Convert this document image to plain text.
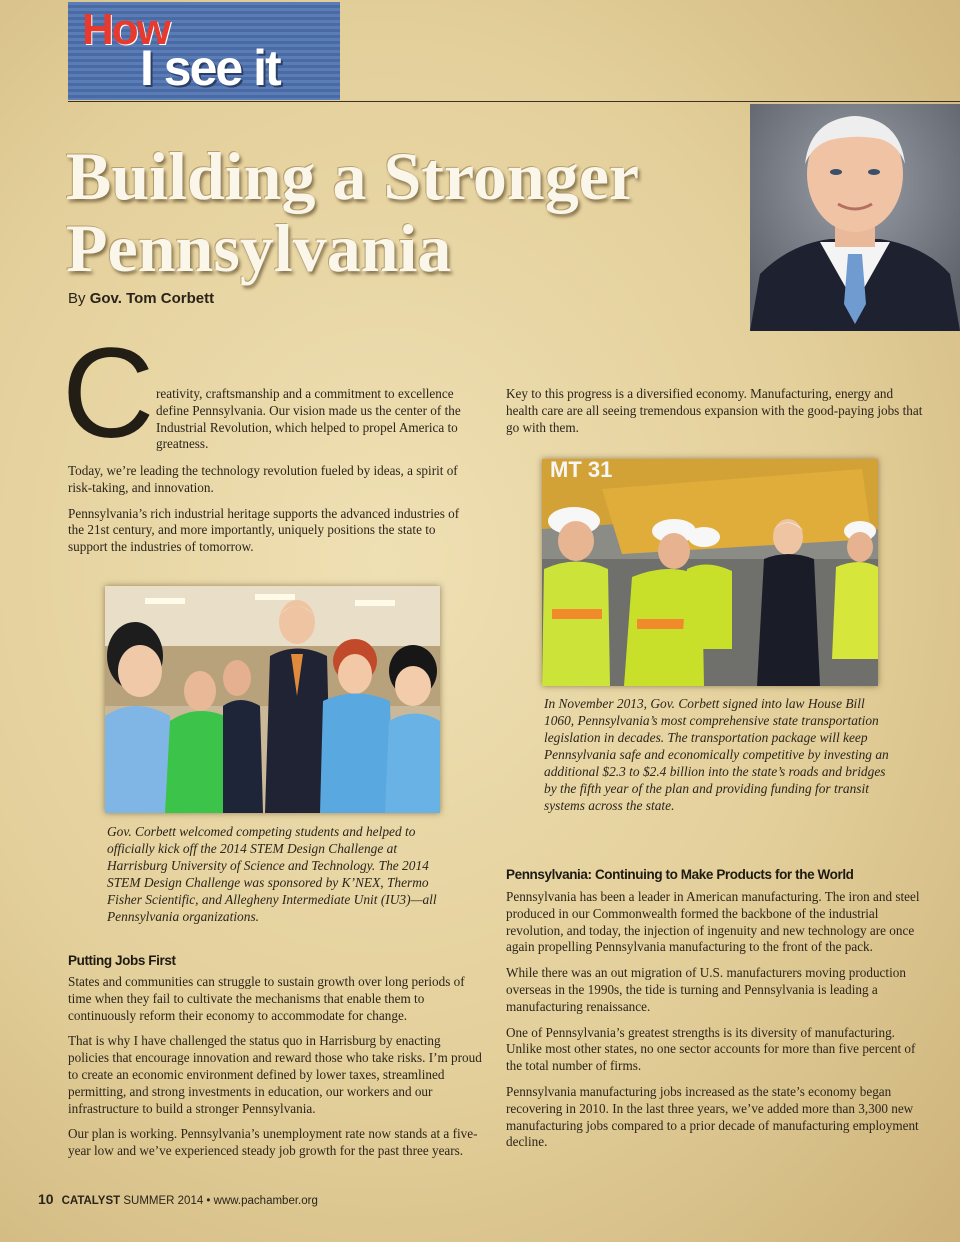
How
I see it
Building a Stronger Pennsylvania
By Gov. Tom Corbett
C reativity, craftsmanship and a commitment to excellence define Pennsylvania. Our vision made us the center of the Industrial Revolution, which helped to propel America to greatness.

Today, we’re leading the technology revolution fueled by ideas, a spirit of risk-taking, and innovation.

Pennsylvania’s rich industrial heritage supports the advanced industries of the 21st century, and more importantly, uniquely positions the state to support the industries of tomorrow.

Key to this progress is a diversified economy. Manufacturing, energy and health care are all seeing tremendous expansion with the good-paying jobs that go with them.
Gov. Corbett welcomed competing students and helped to officially kick off the 2014 STEM Design Challenge at Harrisburg University of Science and Technology. The 2014 STEM Design Challenge was sponsored by K’NEX, Thermo Fisher Scientific, and Allegheny Intermediate Unit (IU3)—all Pennsylvania organizations.
MT 31
In November 2013, Gov. Corbett signed into law House Bill 1060, Pennsylvania’s most comprehensive state transportation legislation in decades. The transportation package will keep Pennsylvania safe and economically competitive by investing an additional $2.3 to $2.4 billion into the state’s roads and bridges by the fifth year of the plan and providing funding for transit systems across the state.
Putting Jobs First

States and communities can struggle to sustain growth over long periods of time when they fail to cultivate the mechanisms that enable them to continuously reform their economy to accommodate for change.

That is why I have challenged the status quo in Harrisburg by enacting policies that encourage innovation and reward those who take risks. I’m proud to create an economic environment defined by lower taxes, streamlined permitting, and strong investments in education, our workers and our infrastructure to build a stronger Pennsylvania.

Our plan is working. Pennsylvania’s unemployment rate now stands at a five-year low and we’ve experienced steady job growth for the past three years.

Pennsylvania: Continuing to Make Products for the World

Pennsylvania has been a leader in American manufacturing. The iron and steel produced in our Commonwealth formed the backbone of the industrial revolution, and today, the injection of ingenuity and new technology are once again propelling Pennsylvania manufacturing to the front of the pack.

While there was an out migration of U.S. manufacturers moving production overseas in the 1990s, the tide is turning and Pennsylvania is leading a manufacturing renaissance.

One of Pennsylvania’s greatest strengths is its diversity of manufacturing. Unlike most other states, no one sector accounts for more than five percent of the total number of firms.

Pennsylvania manufacturing jobs increased as the state’s economy began recovering in 2010. In the last three years, we’ve added more than 3,300 new manufacturing jobs compared to a prior decade of manufacturing employment decline.

10 CATALYST SUMMER 2014 • www.pachamber.org
